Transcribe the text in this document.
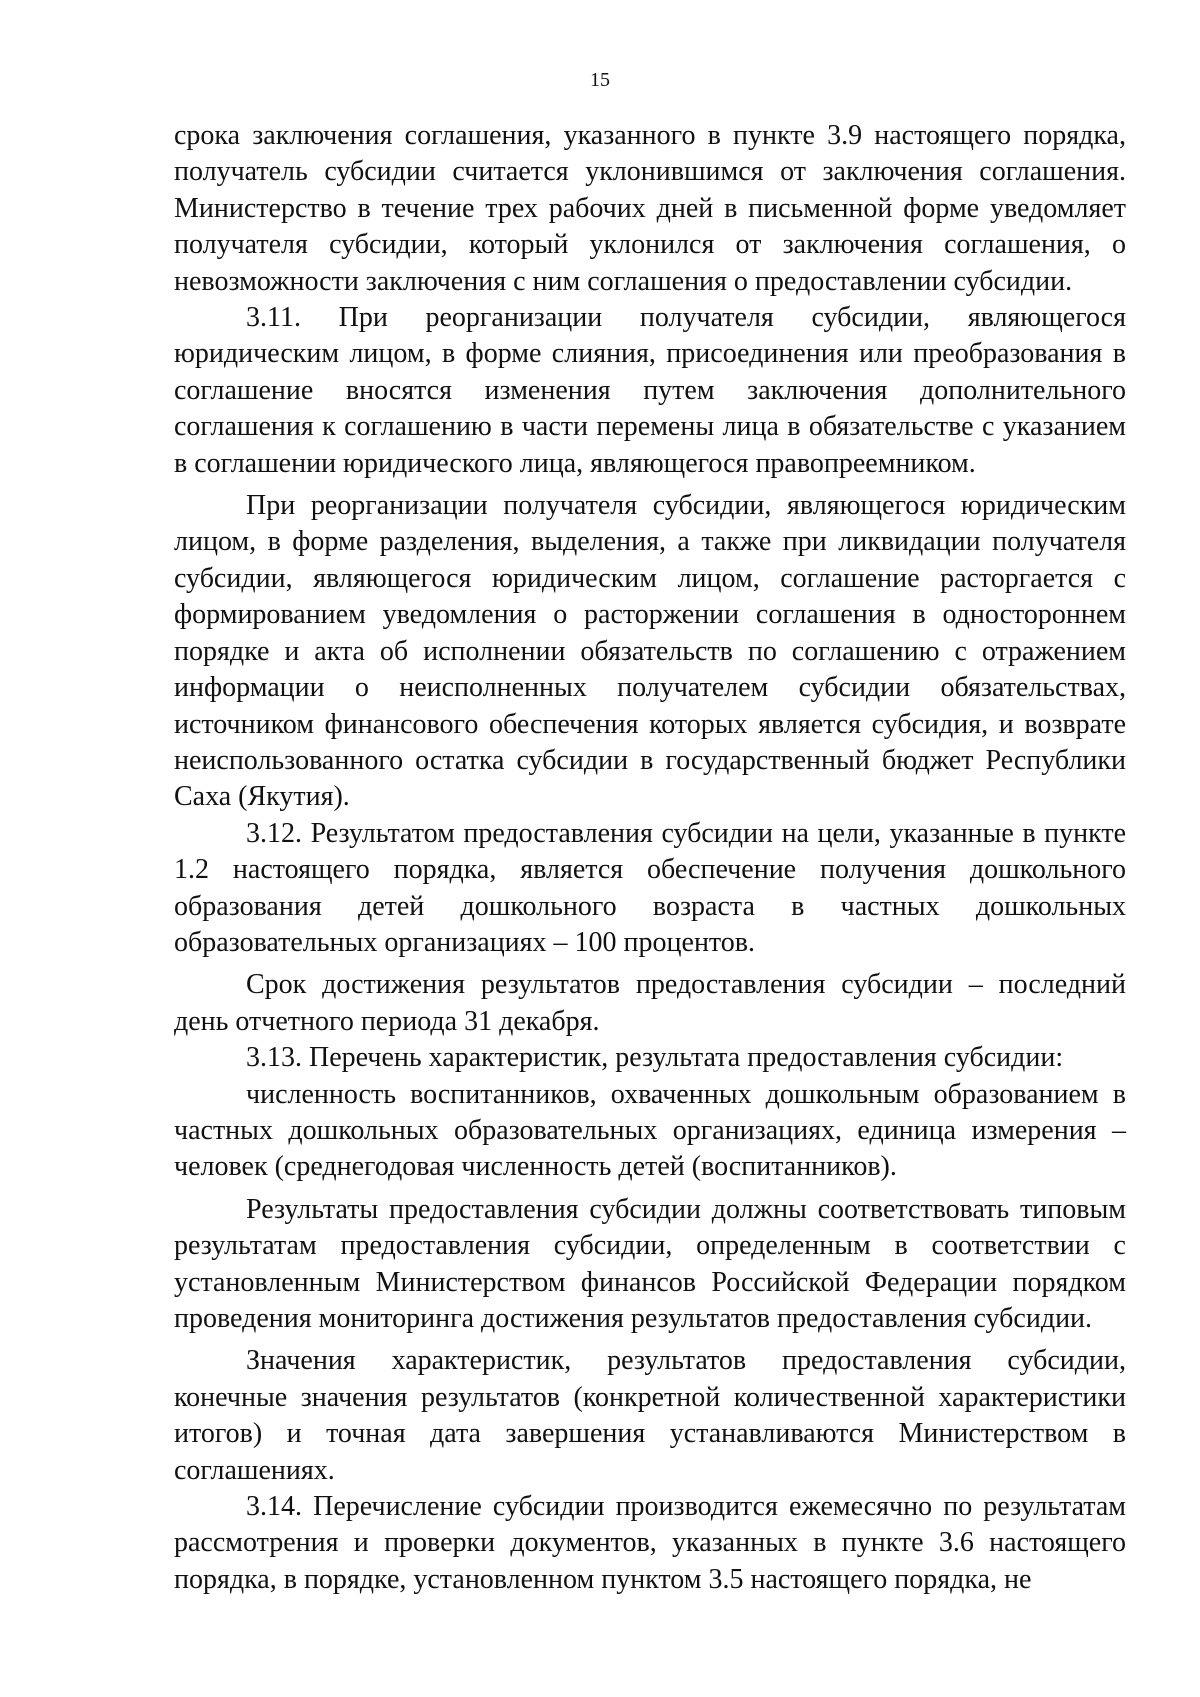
15

срока заключения соглашения, указанного в пункте 3.9 настоящего порядка, получатель субсидии считается уклонившимся от заключения соглашения. Министерство в течение трех рабочих дней в письменной форме уведомляет получателя субсидии, который уклонился от заключения соглашения, о невозможности заключения с ним соглашения о предоставлении субсидии.

3.11. При реорганизации получателя субсидии, являющегося юридическим лицом, в форме слияния, присоединения или преобразования в соглашение вносятся изменения путем заключения дополнительного соглашения к соглашению в части перемены лица в обязательстве с указанием в соглашении юридического лица, являющегося правопреемником.

При реорганизации получателя субсидии, являющегося юридическим лицом, в форме разделения, выделения, а также при ликвидации получателя субсидии, являющегося юридическим лицом, соглашение расторгается с формированием уведомления о расторжении соглашения в одностороннем порядке и акта об исполнении обязательств по соглашению с отражением информации о неисполненных получателем субсидии обязательствах, источником финансового обеспечения которых является субсидия, и возврате неиспользованного остатка субсидии в государственный бюджет Республики Саха (Якутия).

3.12. Результатом предоставления субсидии на цели, указанные в пункте 1.2 настоящего порядка, является обеспечение получения дошкольного образования детей дошкольного возраста в частных дошкольных образовательных организациях – 100 процентов.

Срок достижения результатов предоставления субсидии – последний день отчетного периода 31 декабря.

3.13. Перечень характеристик, результата предоставления субсидии:

численность воспитанников, охваченных дошкольным образованием в частных дошкольных образовательных организациях, единица измерения – человек (среднегодовая численность детей (воспитанников).

Результаты предоставления субсидии должны соответствовать типовым результатам предоставления субсидии, определенным в соответствии с установленным Министерством финансов Российской Федерации порядком проведения мониторинга достижения результатов предоставления субсидии.

Значения характеристик, результатов предоставления субсидии, конечные значения результатов (конкретной количественной характеристики итогов) и точная дата завершения устанавливаются Министерством в соглашениях.

3.14. Перечисление субсидии производится ежемесячно по результатам рассмотрения и проверки документов, указанных в пункте 3.6 настоящего порядка, в порядке, установленном пунктом 3.5 настоящего порядка, не
